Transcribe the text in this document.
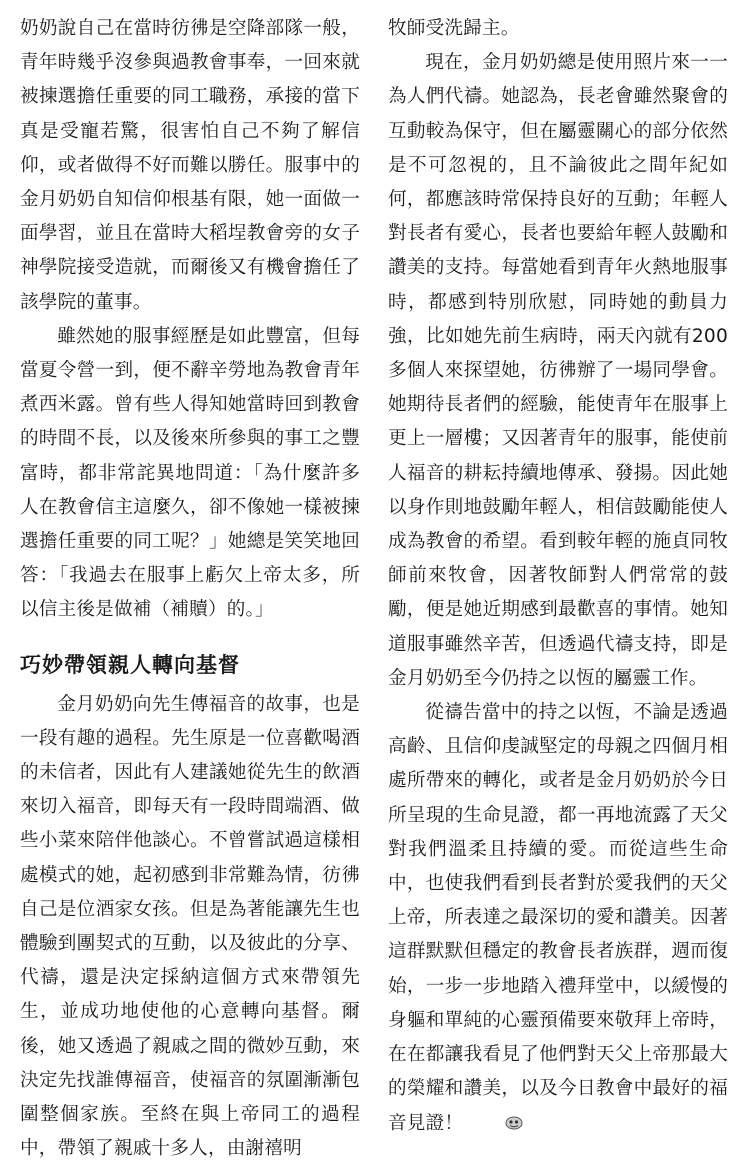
奶奶說自己在當時彷彿是空降部隊一般，青年時幾乎沒參與過教會事奉，一回來就被揀選擔任重要的同工職務，承接的當下真是受寵若驚，很害怕自己不夠了解信仰，或者做得不好而難以勝任。服事中的金月奶奶自知信仰根基有限，她一面做一面學習，並且在當時大稻埕教會旁的女子神學院接受造就，而爾後又有機會擔任了該學院的董事。

雖然她的服事經歷是如此豐富，但每當夏令營一到，便不辭辛勞地為教會青年煮西米露。曾有些人得知她當時回到教會的時間不長，以及後來所參與的事工之豐富時，都非常詫異地問道：「為什麼許多人在教會信主這麼久，卻不像她一樣被揀選擔任重要的同工呢？」她總是笑笑地回答：「我過去在服事上虧欠上帝太多，所以信主後是做補（補贖）的。」

巧妙帶領親人轉向基督

金月奶奶向先生傳福音的故事，也是一段有趣的過程。先生原是一位喜歡喝酒的未信者，因此有人建議她從先生的飲酒來切入福音，即每天有一段時間端酒、做些小菜來陪伴他談心。不曾嘗試過這樣相處模式的她，起初感到非常難為情，彷彿自己是位酒家女孩。但是為著能讓先生也體驗到團契式的互動，以及彼此的分享、代禱，還是決定採納這個方式來帶領先生，並成功地使他的心意轉向基督。爾後，她又透過了親戚之間的微妙互動，來決定先找誰傳福音，使福音的氛圍漸漸包圍整個家族。至終在與上帝同工的過程中，帶領了親戚十多人，由謝禧明

牧師受洗歸主。

現在，金月奶奶總是使用照片來一一為人們代禱。她認為，長老會雖然聚會的互動較為保守，但在屬靈關心的部分依然是不可忽視的，且不論彼此之間年紀如何，都應該時常保持良好的互動；年輕人對長者有愛心，長者也要給年輕人鼓勵和讚美的支持。每當她看到青年火熱地服事時，都感到特別欣慰，同時她的動員力強，比如她先前生病時，兩天內就有200多個人來探望她，彷彿辦了一場同學會。她期待長者們的經驗，能使青年在服事上更上一層樓；又因著青年的服事，能使前人福音的耕耘持續地傳承、發揚。因此她以身作則地鼓勵年輕人，相信鼓勵能使人成為教會的希望。看到較年輕的施貞同牧師前來牧會，因著牧師對人們常常的鼓勵，便是她近期感到最歡喜的事情。她知道服事雖然辛苦，但透過代禱支持，即是金月奶奶至今仍持之以恆的屬靈工作。

從禱告當中的持之以恆，不論是透過高齡、且信仰虔誠堅定的母親之四個月相處所帶來的轉化，或者是金月奶奶於今日所呈現的生命見證，都一再地流露了天父對我們溫柔且持續的愛。而從這些生命中，也使我們看到長者對於愛我們的天父上帝，所表達之最深切的愛和讚美。因著這群默默但穩定的教會長者族群，週而復始，一步一步地踏入禮拜堂中，以緩慢的身軀和單純的心靈預備要來敬拜上帝時，在在都讓我看見了他們對天父上帝那最大的榮耀和讚美，以及今日教會中最好的福音見證！
